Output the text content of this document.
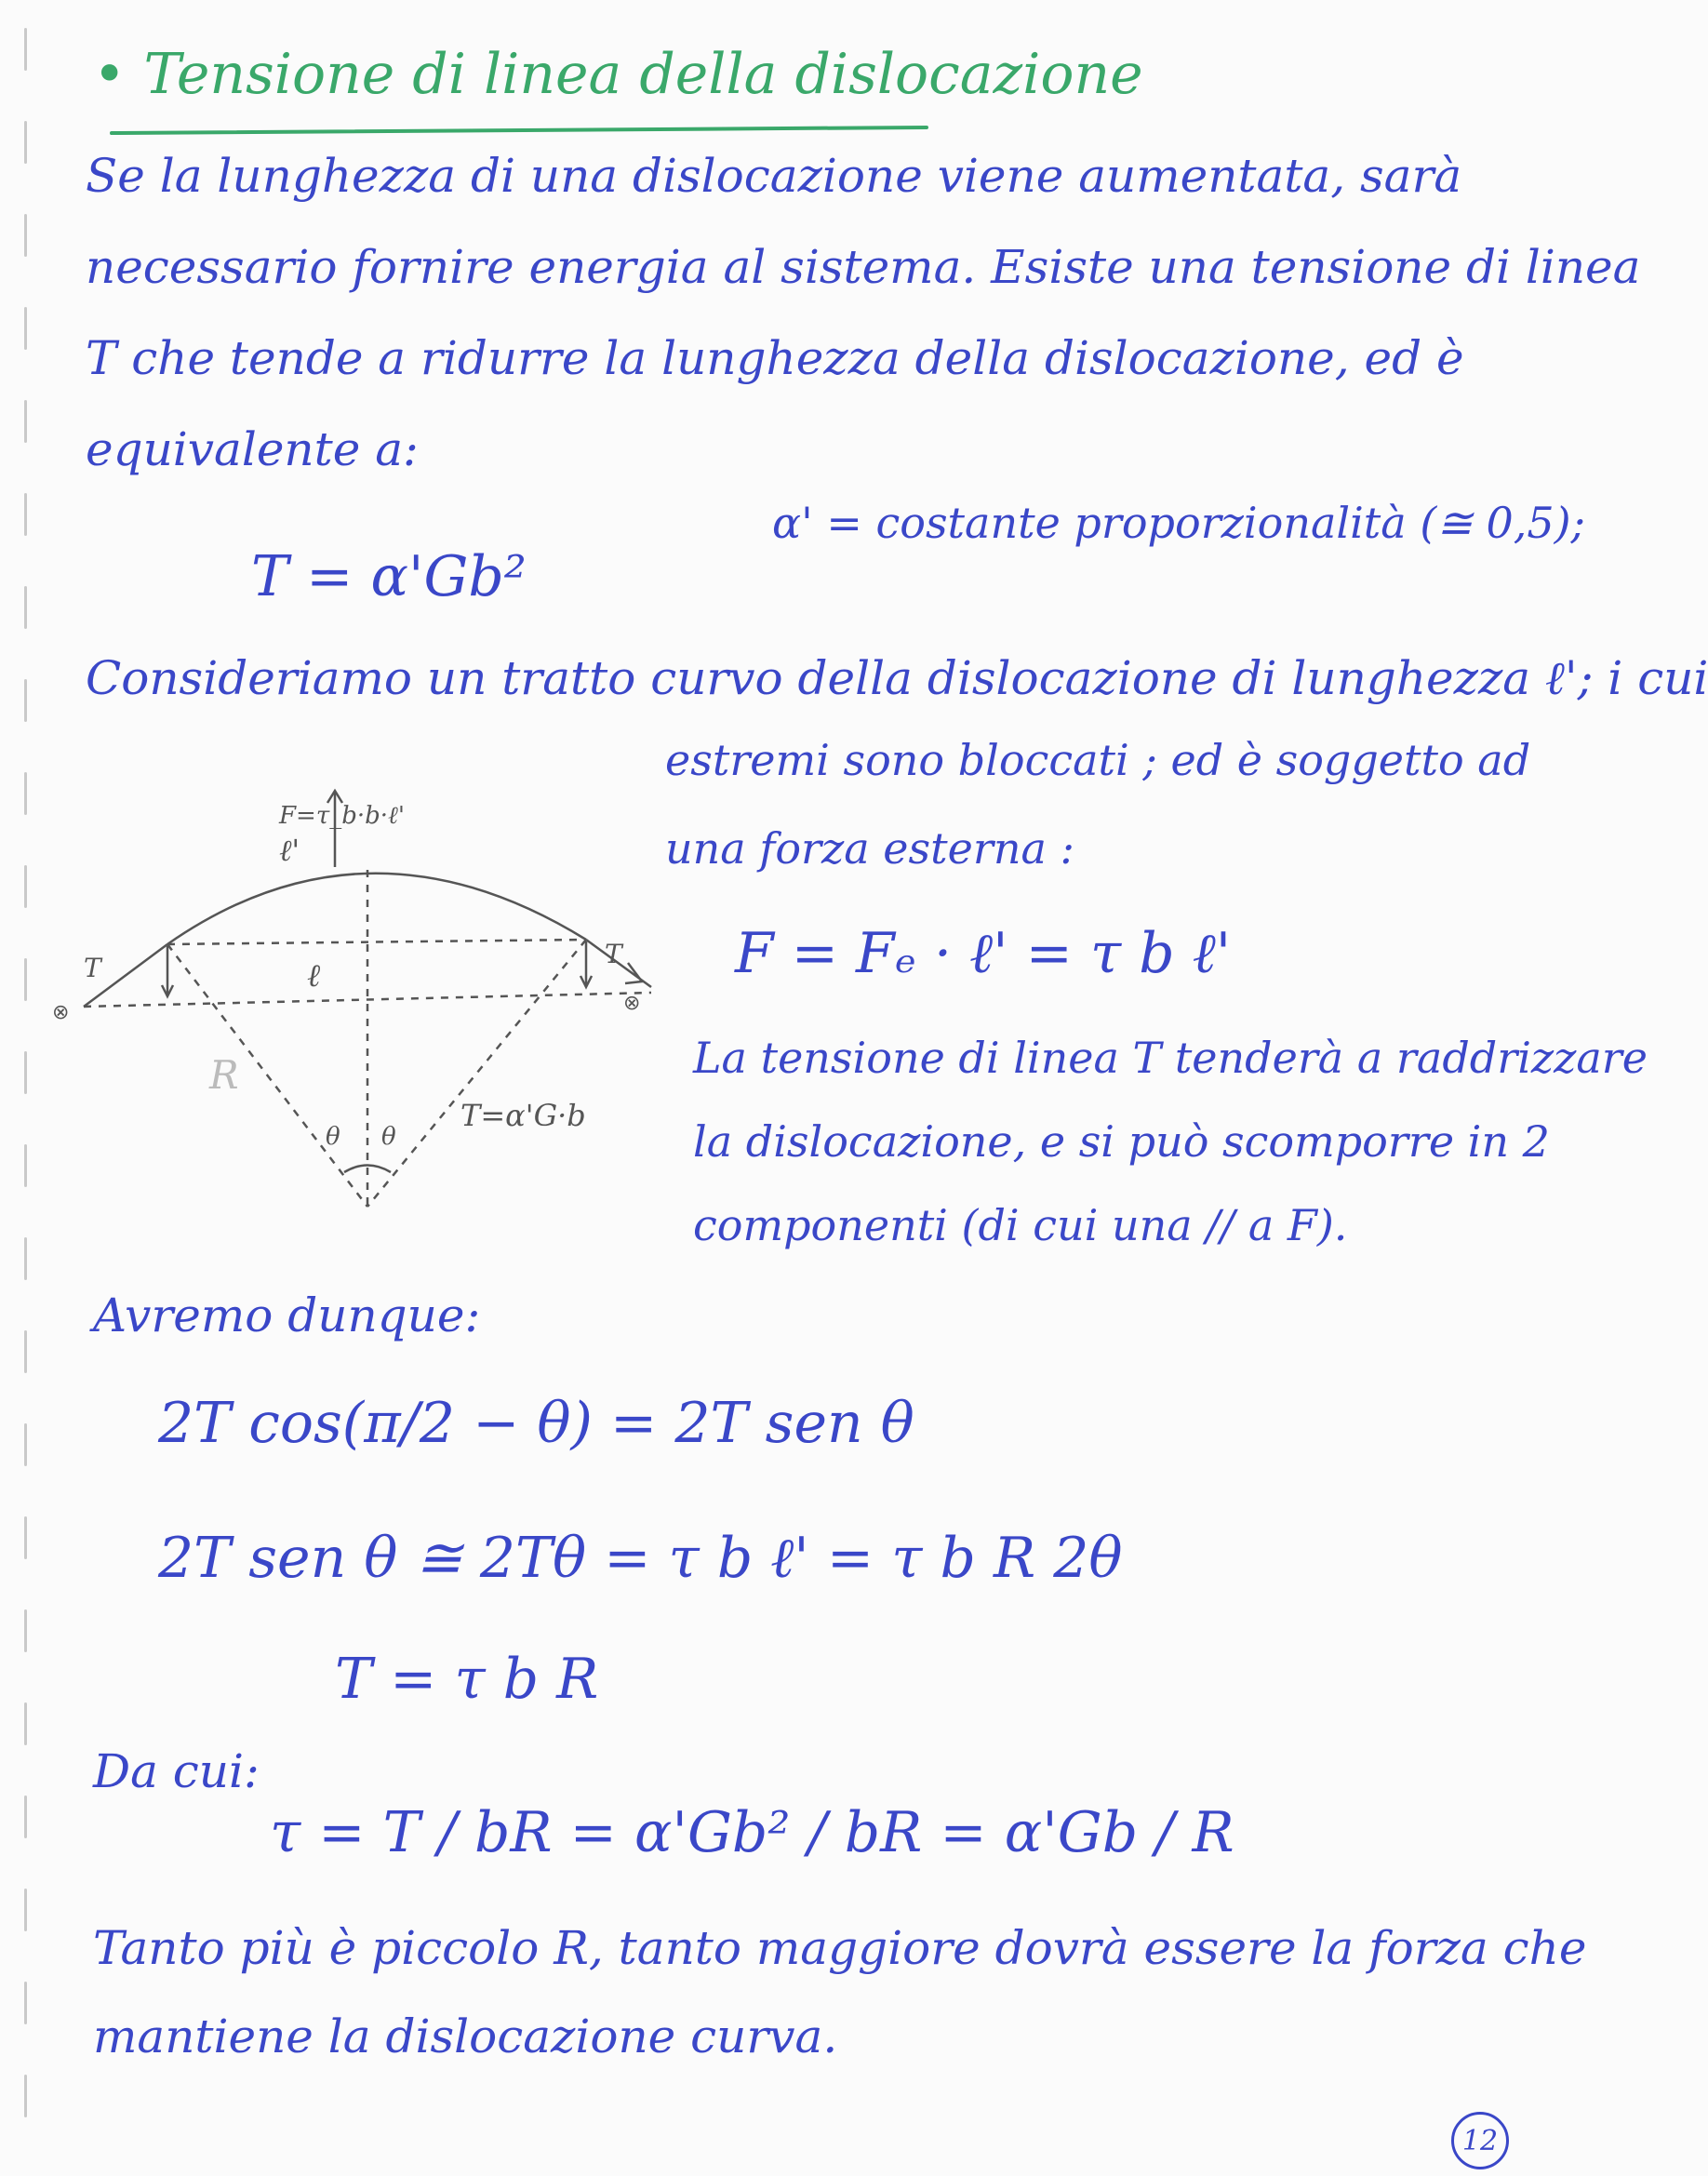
• Tensione di linea della dislocazione
Se la lunghezza di una dislocazione viene aumentata, sarà
necessario fornire energia al sistema. Esiste una tensione di linea
T che tende a ridurre la lunghezza della dislocazione, ed è
equivalente a:
T = α'Gb²
α' = costante proporzionalità (≅ 0,5);
Consideriamo un tratto curvo della dislocazione di lunghezza ℓ'; i cui
estremi sono bloccati ; ed è soggetto ad
una forza esterna :
F = Fₑ · ℓ' = τ b ℓ'
La tensione di linea T tenderà a raddrizzare
la dislocazione, e si può scomporre in 2
componenti (di cui una // a F).
F=τ_b·b·ℓ'
ℓ'
ℓ
T	T
R
θ θ
T=α'G·b
⊗	⊗
Avremo dunque:
2T cos(π/2 − θ) = 2T sen θ
2T sen θ ≅ 2Tθ = τ b ℓ' = τ b R 2θ
T = τ b R
Da cui:
τ = T / bR = α'Gb² / bR = α'Gb / R
Tanto più è piccolo R, tanto maggiore dovrà essere la forza che
mantiene la dislocazione curva.
12
